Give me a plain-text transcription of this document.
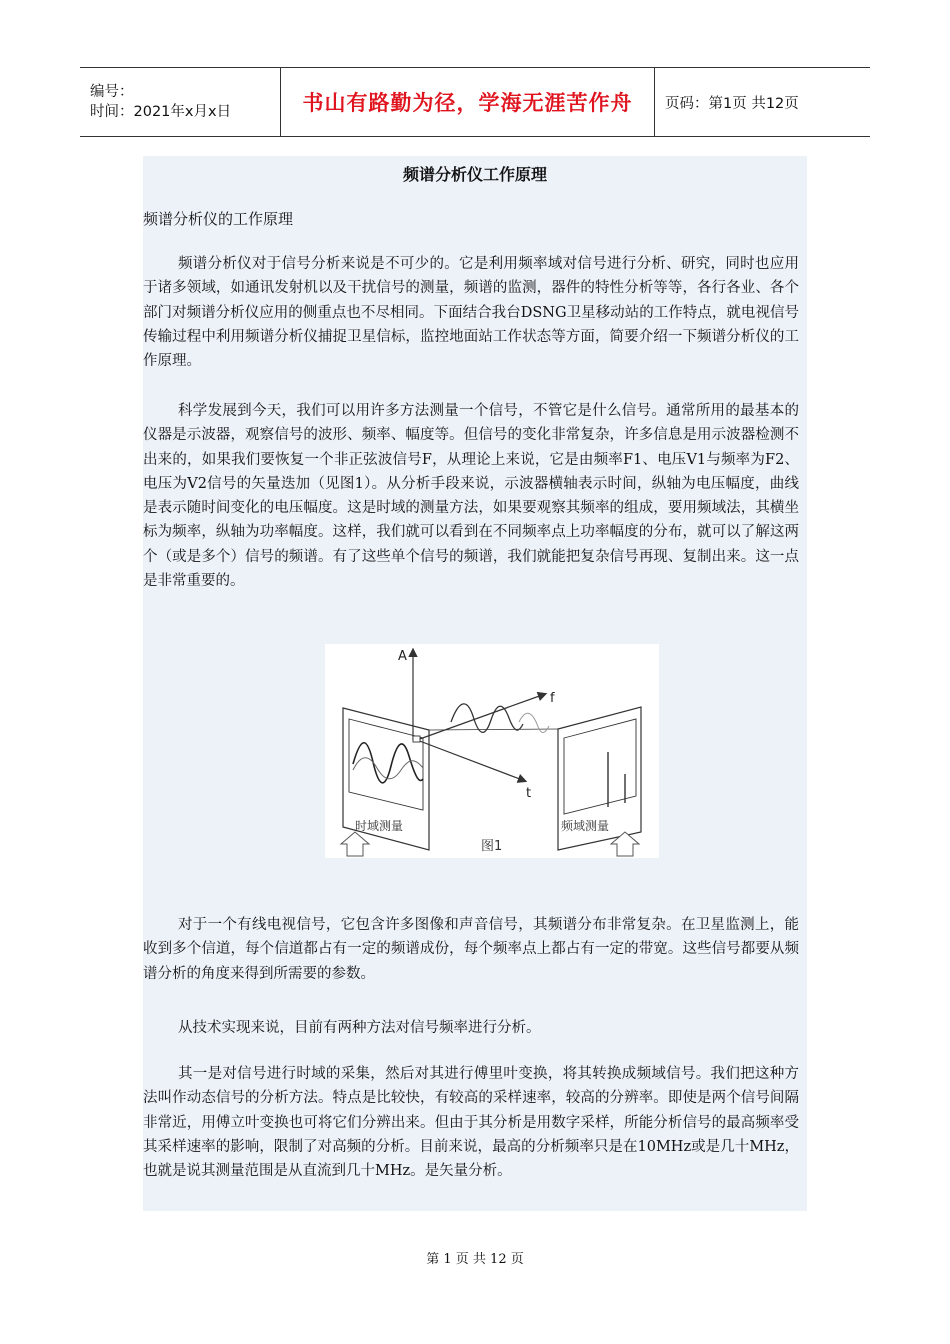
编号：
时间：2021年x月x日	书山有路勤为径，学海无涯苦作舟 页码：第1页 共12页
频谱分析仪工作原理
频谱分析仪的工作原理

频谱分析仪对于信号分析来说是不可少的。它是利用频率域对信号进行分析、研究，同时也应用于诸多领域，如通讯发射机以及干扰信号的测量，频谱的监测，器件的特性分析等等，各行各业、各个部门对频谱分析仪应用的侧重点也不尽相同。下面结合我台DSNG卫星移动站的工作特点，就电视信号传输过程中利用频谱分析仪捕捉卫星信标，监控地面站工作状态等方面，简要介绍一下频谱分析仪的工作原理。

科学发展到今天，我们可以用许多方法测量一个信号，不管它是什么信号。通常所用的最基本的仪器是示波器，观察信号的波形、频率、幅度等。但信号的变化非常复杂，许多信息是用示波器检测不出来的，如果我们要恢复一个非正弦波信号F，从理论上来说，它是由频率F1、电压V1与频率为F2、电压为V2信号的矢量迭加（见图1）。从分析手段来说，示波器横轴表示时间，纵轴为电压幅度，曲线是表示随时间变化的电压幅度。这是时域的测量方法，如果要观察其频率的组成，要用频域法，其横坐标为频率，纵轴为功率幅度。这样，我们就可以看到在不同频率点上功率幅度的分布，就可以了解这两个（或是多个）信号的频谱。有了这些单个信号的频谱，我们就能把复杂信号再现、复制出来。这一点是非常重要的。

A
f
t
时域测量	频域测量
图1

对于一个有线电视信号，它包含许多图像和声音信号，其频谱分布非常复杂。在卫星监测上，能收到多个信道，每个信道都占有一定的频谱成份，每个频率点上都占有一定的带宽。这些信号都要从频谱分析的角度来得到所需要的参数。

从技术实现来说，目前有两种方法对信号频率进行分析。

其一是对信号进行时域的采集，然后对其进行傅里叶变换，将其转换成频域信号。我们把这种方法叫作动态信号的分析方法。特点是比较快，有较高的采样速率，较高的分辨率。即使是两个信号间隔非常近，用傅立叶变换也可将它们分辨出来。但由于其分析是用数字采样，所能分析信号的最高频率受其采样速率的影响，限制了对高频的分析。目前来说，最高的分析频率只是在10MHz或是几十MHz，也就是说其测量范围是从直流到几十MHz。是矢量分析。

第 1 页 共 12 页
